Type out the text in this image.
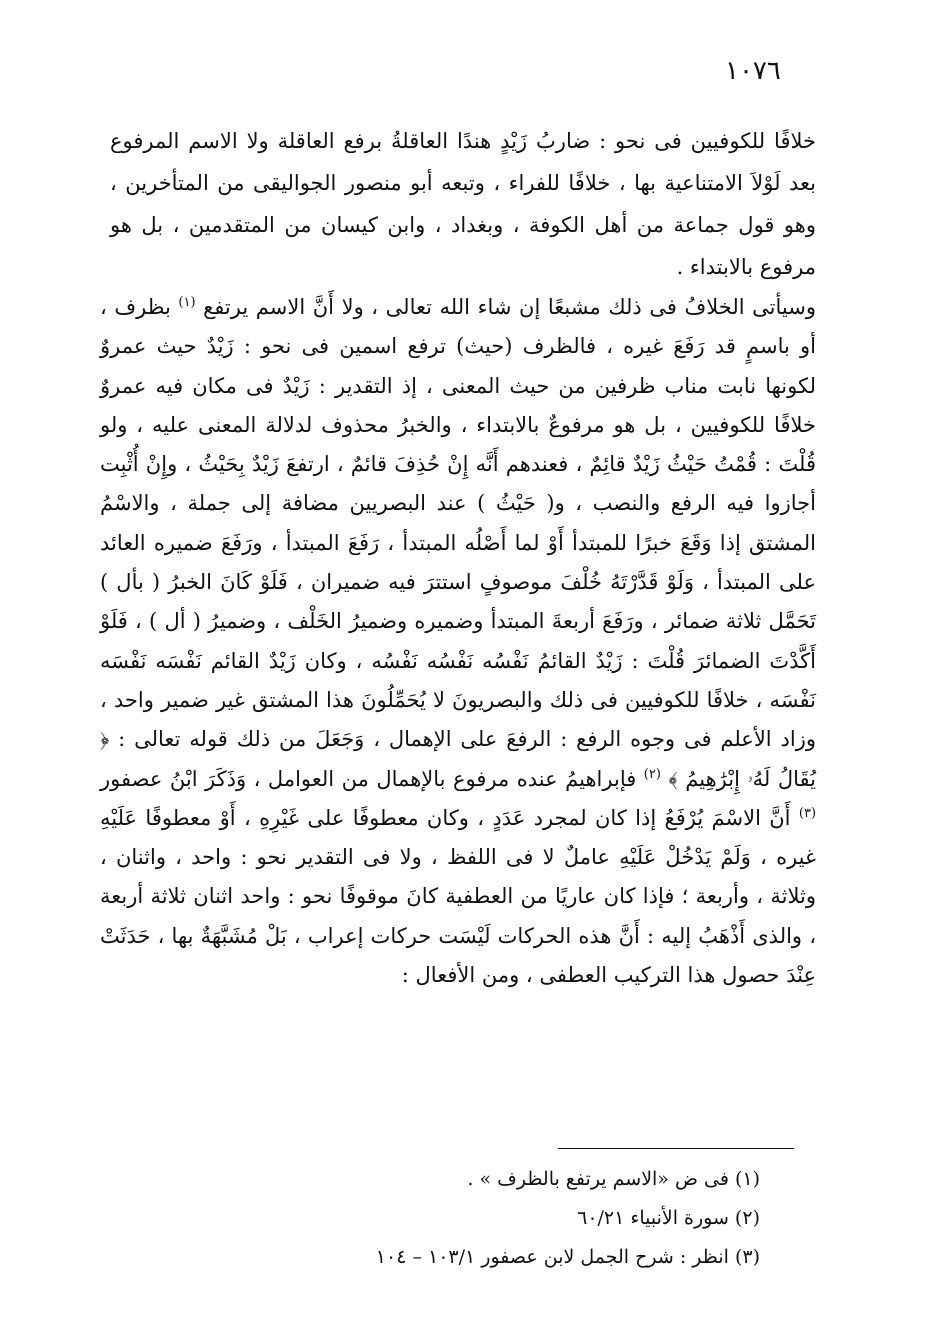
١٠٧٦

خلافًا للكوفيين فى نحو : ضاربُ زَيْدٍ هندًا العاقلةُ برفع العاقلة ولا الاسم المرفوع بعد لَوْلاَ الامتناعية بها ، خلافًا للفراء ، وتبعه أبو منصور الجواليقى من المتأخرين ، وهو قول جماعة من أهل الكوفة ، وبغداد ، وابن كيسان من المتقدمين ، بل هو مرفوع بالابتداء .

وسيأتى الخلافُ فى ذلك مشبعًا إن شاء الله تعالى ، ولا أَنَّ الاسم يرتفع $^{(١)}$ بظرف ، أو باسمٍ قد رَفَعَ غيره ، فالظرف (حيث) ترفع اسمين فى نحو : زَيْدٌ حيث عمروٌ لكونها نابت مناب ظرفين من حيث المعنى ، إذ التقدير : زَيْدٌ فى مكان فيه عمروٌ خلافًا للكوفيين ، بل هو مرفوعٌ بالابتداء ، والخبرُ محذوف لدلالة المعنى عليه ، ولو قُلْتَ : قُمْتُ حَيْثُ زَيْدٌ قائِمٌ ، فعندهم أَنَّه إِنْ حُذِفَ قائمٌ ، ارتفعَ زَيْدٌ بِحَيْثُ ، وإِنْ أُثْبِت أجازوا فيه الرفع والنصب ، و( حَيْثُ ) عند البصريين مضافة إلى جملة ، والاسْمُ المشتق إذا وَقَعَ خبرًا للمبتدأ أَوْ لما أَصْلُه المبتدأ ، رَفَعَ المبتدأ ، ورَفَعَ ضميره العائد على المبتدأ ، وَلَوْ قَدَّرْتَهُ خُلْفَ موصوفٍ استترَ فيه ضميران ، فَلَوْ كَانَ الخبرُ ( بأل ) تَحَمَّل ثلاثة ضمائر ، ورَفَعَ أربعةَ المبتدأ وضميره وضميرُ الخَلْف ، وضميرُ ( أل ) ، فَلَوْ أَكَّدْتَ الضمائرَ قُلْتَ : زَيْدٌ القائمُ نَفْسُه نَفْسُه نَفْسُه ، وكان زَيْدٌ القائم نَفْسَه نَفْسَه نَفْسَه ، خلافًا للكوفيين فى ذلك والبصريونَ لا يُحَمِّلُونَ هذا المشتق غير ضمير واحد ، وزاد الأعلم فى وجوه الرفع : الرفعَ على الإهمال ، وَجَعَلَ من ذلك قوله تعالى : ﴿ يُقَالُ لَهُۥ إِبْرَٰهِيمُ ﴾ $^{(٢)}$ فإبراهيمُ عنده مرفوع بالإهمال من العوامل ، وَذَكَرَ ابْنُ عصفور $^{(٣)}$ أَنَّ الاسْمَ يُرْفَعُ إذا كان لمجرد عَدَدٍ ، وكان معطوفًا على غَيْرِهِ ، أَوْ معطوفًا عَلَيْهِ غيره ، وَلَمْ يَدْخُلْ عَلَيْهِ عاملٌ لا فى اللفظ ، ولا فى التقدير نحو : واحد ، واثنان ، وثلاثة ، وأربعة ؛ فإذا كان عاريًا من العطفية كانَ موقوفًا نحو : واحد اثنان ثلاثة أربعة ، والذى أَذْهَبُ إليه : أَنَّ هذه الحركات لَيْسَت حركات إعراب ، بَلْ مُشَبَّهَةٌ بها ، حَدَثَتْ عِنْدَ حصول هذا التركيب العطفى ، ومن الأفعال :

(١) فى ض «الاسم يرتفع بالظرف » .
(٢) سورة الأنبياء ٦٠/٢١
(٣) انظر : شرح الجمل لابن عصفور ١٠٣/١ – ١٠٤
